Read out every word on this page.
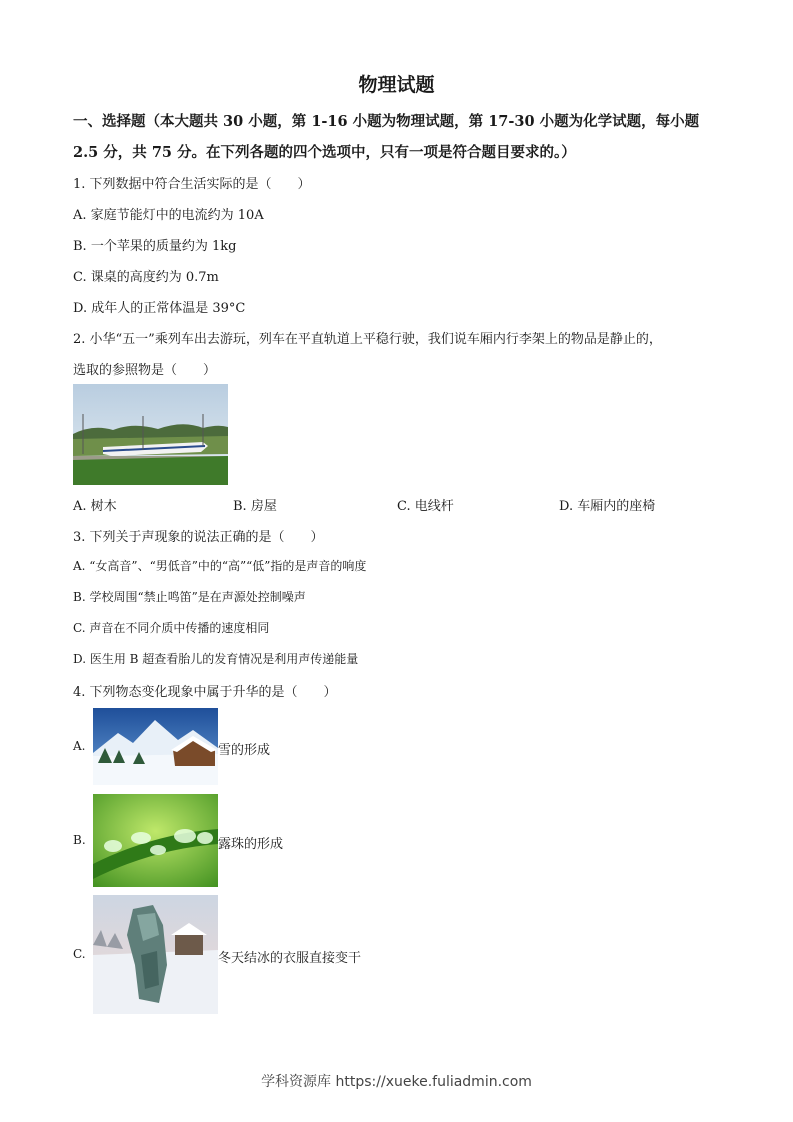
物理试题
一、选择题（本大题共 30 小题，第 1-16 小题为物理试题，第 17-30 小题为化学试题，每小题
2.5 分，共 75 分。在下列各题的四个选项中，只有一项是符合题目要求的。）
1. 下列数据中符合生活实际的是（　　）
A. 家庭节能灯中的电流约为 10A
B. 一个苹果的质量约为 1kg
C. 课桌的高度约为 0.7m
D. 成年人的正常体温是 39°C
2. 小华“五一”乘列车出去游玩，列车在平直轨道上平稳行驶，我们说车厢内行李架上的物品是静止的，
选取的参照物是（　　）
A. 树木	B. 房屋	C. 电线杆	D. 车厢内的座椅
3. 下列关于声现象的说法正确的是（　　）
A. “女高音”、“男低音”中的“高”“低”指的是声音的响度
B. 学校周围“禁止鸣笛”是在声源处控制噪声
C. 声音在不同介质中传播的速度相同
D. 医生用 B 超查看胎儿的发育情况是利用声传递能量
4. 下列物态变化现象中属于升华的是（　　）
A.	雪的形成
B.	露珠的形成
C.	冬天结冰的衣服直接变干
学科资源库 https://xueke.fuliadmin.com
